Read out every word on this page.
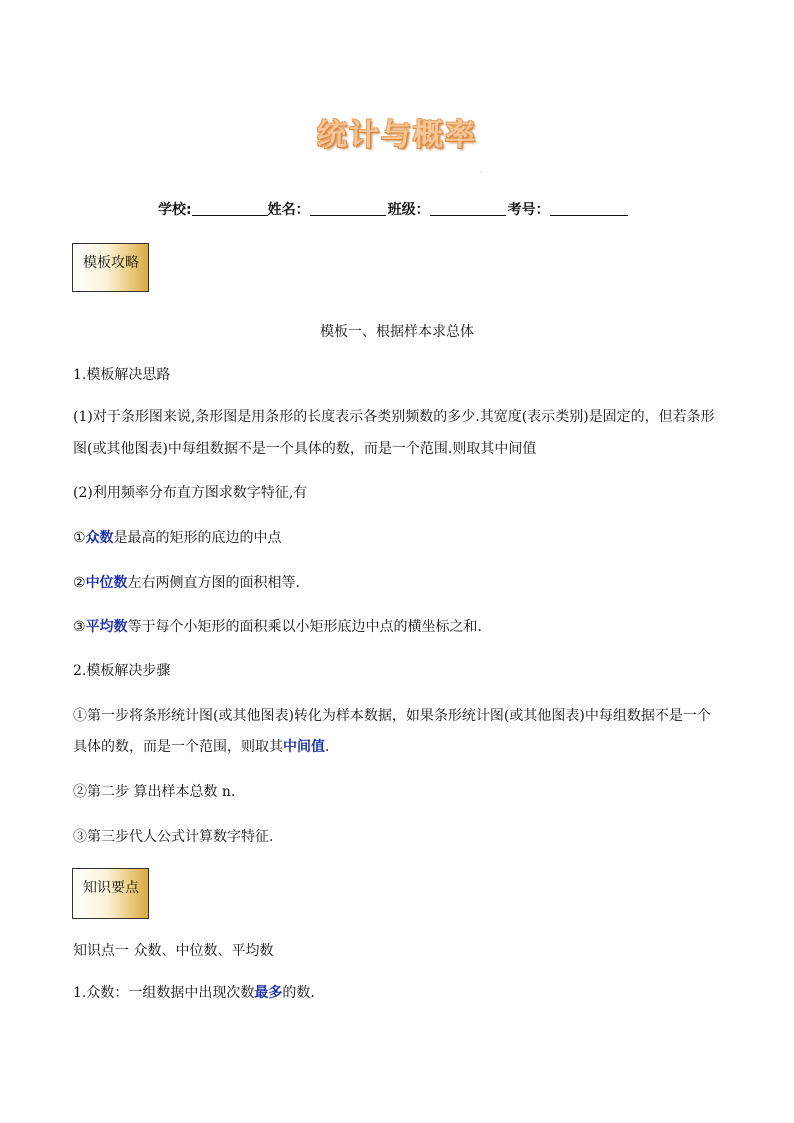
统计与概率
·
学校:	姓名：	班级：	考号：
模板攻略
模板一、根据样本求总体
1.模板解决思路
(1)对于条形图来说,条形图是用条形的长度表示各类别频数的多少.其宽度(表示类别)是固定的，但若条形
图(或其他图表)中每组数据不是一个具体的数，而是一个范围.则取其中间值
(2)利用频率分布直方图求数字特征,有
①众数是最高的矩形的底边的中点
②中位数左右两侧直方图的面积相等.
③平均数等于每个小矩形的面积乘以小矩形底边中点的横坐标之和.
2.模板解决步骤
①第一步将条形统计图(或其他图表)转化为样本数据，如果条形统计图(或其他图表)中每组数据不是一个
具体的数，而是一个范围，则取其中间值.
②第二步 算出样本总数 n.
③第三步代人公式计算数字特征.
知识要点
知识点一 众数、中位数、平均数
1.众数：一组数据中出现次数最多的数.
